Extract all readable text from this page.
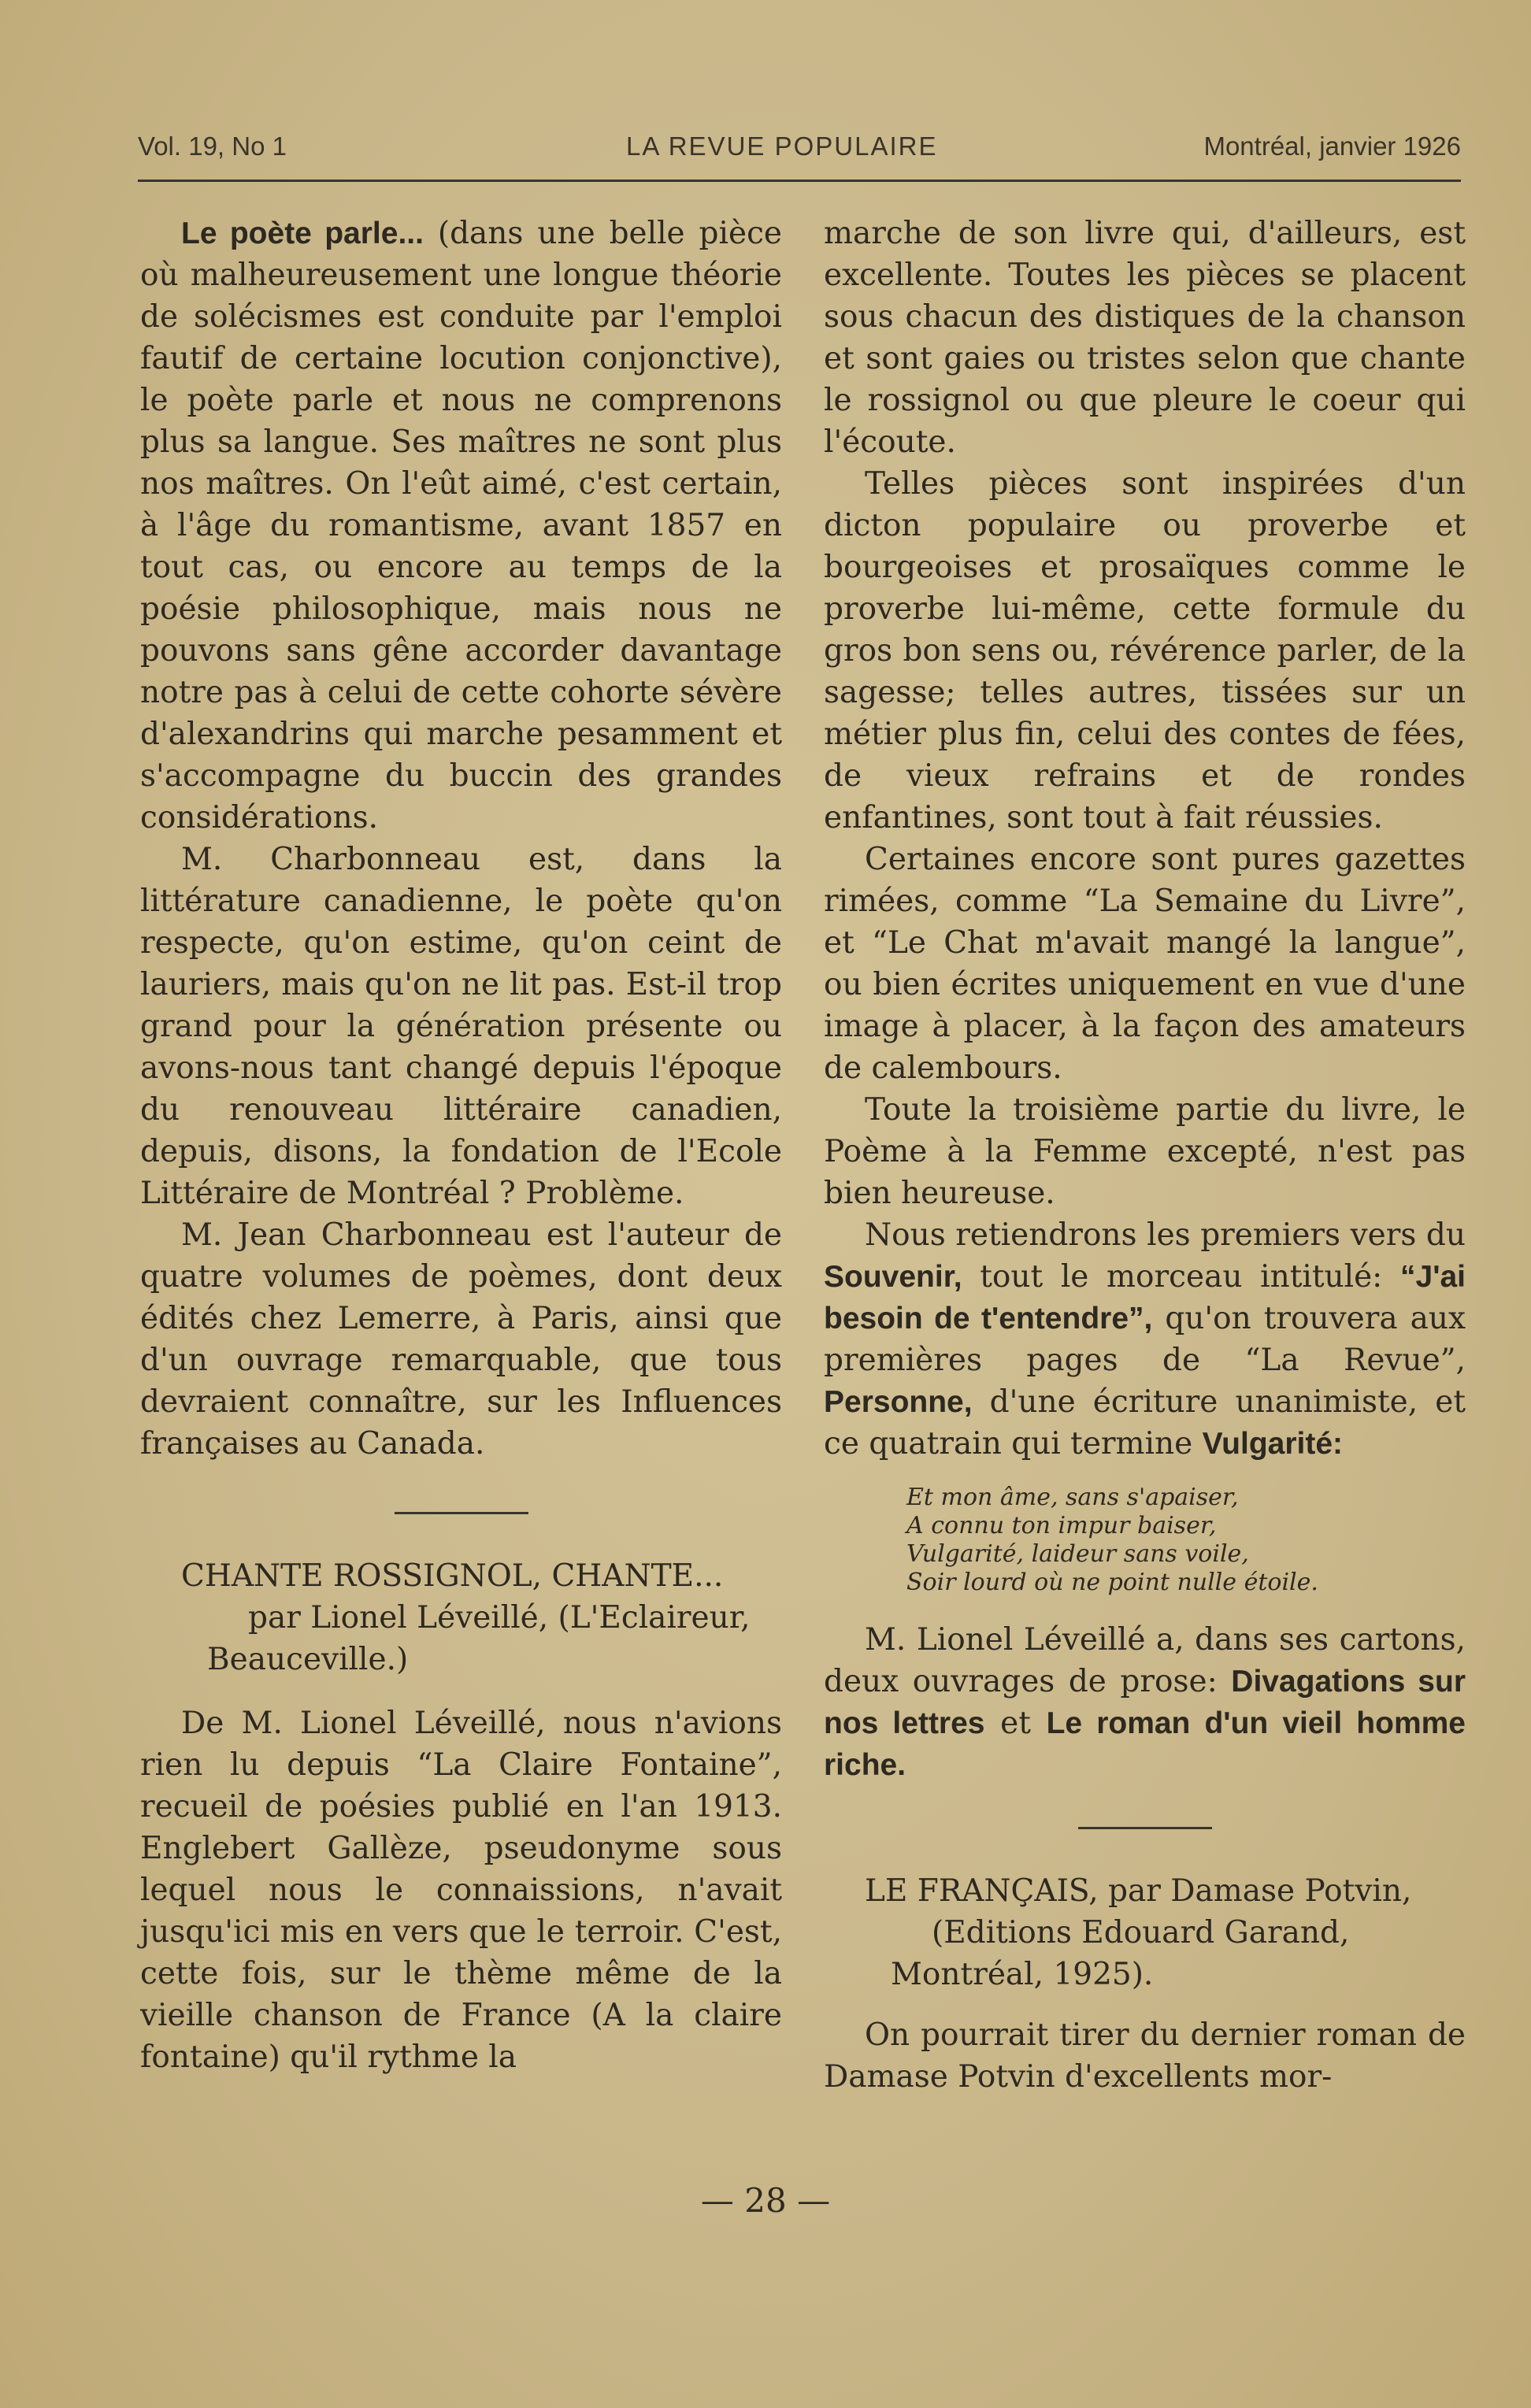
Vol. 19, No 1	LA REVUE POPULAIRE	Montréal, janvier 1926

Le poète parle... (dans une belle pièce où malheureusement une longue théorie de solécismes est conduite par l'emploi fautif de certaine locution conjonctive), le poète parle et nous ne comprenons plus sa langue. Ses maîtres ne sont plus nos maîtres. On l'eût aimé, c'est certain, à l'âge du romantisme, avant 1857 en tout cas, ou encore au temps de la poésie philosophique, mais nous ne pouvons sans gêne accorder davantage notre pas à celui de cette cohorte sévère d'alexandrins qui marche pesamment et s'accompagne du buccin des grandes considérations.

M. Charbonneau est, dans la littérature canadienne, le poète qu'on respecte, qu'on estime, qu'on ceint de lauriers, mais qu'on ne lit pas. Est-il trop grand pour la génération présente ou avons-nous tant changé depuis l'époque du renouveau littéraire canadien, depuis, disons, la fondation de l'Ecole Littéraire de Montréal ? Problème.

M. Jean Charbonneau est l'auteur de quatre volumes de poèmes, dont deux édités chez Lemerre, à Paris, ainsi que d'un ouvrage remarquable, que tous devraient connaître, sur les Influences françaises au Canada.

CHANTE ROSSIGNOL, CHANTE...

par Lionel Léveillé, (L'Eclaireur, Beauceville.)

De M. Lionel Léveillé, nous n'avions rien lu depuis “La Claire Fontaine”, recueil de poésies publié en l'an 1913. Englebert Gallèze, pseudonyme sous lequel nous le connaissions, n'avait jusqu'ici mis en vers que le terroir. C'est, cette fois, sur le thème même de la vieille chanson de France (A la claire fontaine) qu'il rythme la

marche de son livre qui, d'ailleurs, est excellente. Toutes les pièces se placent sous chacun des distiques de la chanson et sont gaies ou tristes selon que chante le rossignol ou que pleure le coeur qui l'écoute.

Telles pièces sont inspirées d'un dicton populaire ou proverbe et bourgeoises et prosaïques comme le proverbe lui-même, cette formule du gros bon sens ou, révérence parler, de la sagesse; telles autres, tissées sur un métier plus fin, celui des contes de fées, de vieux refrains et de rondes enfantines, sont tout à fait réussies.

Certaines encore sont pures gazettes rimées, comme “La Semaine du Livre”, et “Le Chat m'avait mangé la langue”, ou bien écrites uniquement en vue d'une image à placer, à la façon des amateurs de calembours.

Toute la troisième partie du livre, le Poème à la Femme excepté, n'est pas bien heureuse.

Nous retiendrons les premiers vers du Souvenir, tout le morceau intitulé: “J'ai besoin de t'entendre”, qu'on trouvera aux premières pages de “La Revue”, Personne, d'une écriture unanimiste, et ce quatrain qui termine Vulgarité:

Et mon âme, sans s'apaiser,
A connu ton impur baiser,
Vulgarité, laideur sans voile,
Soir lourd où ne point nulle étoile.

M. Lionel Léveillé a, dans ses cartons, deux ouvrages de prose: Divagations sur nos lettres et Le roman d'un vieil homme riche.

LE FRANÇAIS, par Damase Potvin,

(Editions Edouard Garand, Montréal, 1925).

On pourrait tirer du dernier roman de Damase Potvin d'excellents mor-

— 28 —
